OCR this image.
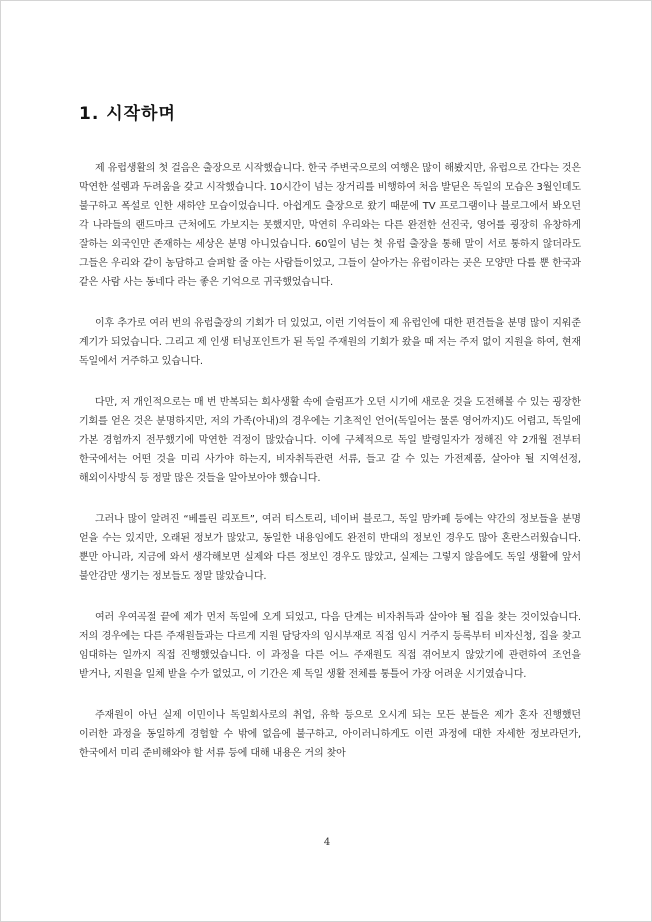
1. 시작하며

제 유럽생활의 첫 걸음은 출장으로 시작했습니다. 한국 주변국으로의 여행은 많이 해봤지만, 유럽으로 간다는 것은 막연한 설렘과 두려움을 갖고 시작했습니다. 10시간이 넘는 장거리를 비행하여 처음 발딛은 독일의 모습은 3월인데도 불구하고 폭설로 인한 새하얀 모습이었습니다. 아쉽게도 출장으로 왔기 때문에 TV 프로그램이나 블로그에서 봐오던 각 나라들의 랜드마크 근처에도 가보지는 못했지만, 막연히 우리와는 다른 완전한 선진국, 영어를 굉장히 유창하게 잘하는 외국인만 존재하는 세상은 분명 아니었습니다. 60일이 넘는 첫 유럽 출장을 통해 말이 서로 통하지 않더라도 그들은 우리와 같이 농담하고 슬퍼할 줄 아는 사람들이었고, 그들이 살아가는 유럽이라는 곳은 모양만 다를 뿐 한국과 같은 사람 사는 동네다 라는 좋은 기억으로 귀국했었습니다.

이후 추가로 여러 번의 유럽출장의 기회가 더 있었고, 이런 기억들이 제 유럽인에 대한 편견들을 분명 많이 지워준 계기가 되었습니다. 그리고 제 인생 터닝포인트가 된 독일 주재원의 기회가 왔을 때 저는 주저 없이 지원을 하여, 현재 독일에서 거주하고 있습니다.

다만, 저 개인적으로는 매 번 반복되는 회사생활 속에 슬럼프가 오던 시기에 새로운 것을 도전해볼 수 있는 굉장한 기회를 얻은 것은 분명하지만, 저의 가족(아내)의 경우에는 기초적인 언어(독일어는 물론 영어까지)도 어렵고, 독일에 가본 경험까지 전무했기에 막연한 걱정이 많았습니다. 이에 구체적으로 독일 발령일자가 정해진 약 2개월 전부터 한국에서는 어떤 것을 미리 사가야 하는지, 비자취득관련 서류, 들고 갈 수 있는 가전제품, 살아야 될 지역선정, 해외이사방식 등 정말 많은 것들을 알아보아야 했습니다.

그러나 많이 알려진 “베를린 리포트”, 여러 티스토리, 네이버 블로그, 독일 맘카페 등에는 약간의 정보들을 분명 얻을 수는 있지만, 오래된 정보가 많았고, 동일한 내용임에도 완전히 반대의 정보인 경우도 많아 혼란스러웠습니다. 뿐만 아니라, 지금에 와서 생각해보면 실제와 다른 정보인 경우도 많았고, 실제는 그렇지 않음에도 독일 생활에 앞서 불안감만 생기는 정보들도 정말 많았습니다.

여러 우여곡절 끝에 제가 먼저 독일에 오게 되었고, 다음 단계는 비자취득과 살아야 될 집을 찾는 것이었습니다. 저의 경우에는 다른 주재원들과는 다르게 지원 담당자의 임시부재로 직접 임시 거주지 등록부터 비자신청, 집을 찾고 임대하는 일까지 직접 진행했었습니다. 이 과정을 다른 어느 주재원도 직접 겪어보지 않았기에 관련하여 조언을 받거나, 지원을 일체 받을 수가 없었고, 이 기간은 제 독일 생활 전체를 통틀어 가장 어려운 시기였습니다.

주재원이 아닌 실제 이민이나 독일회사로의 취업, 유학 등으로 오시게 되는 모든 분들은 제가 혼자 진행했던 이러한 과정을 동일하게 경험할 수 밖에 없음에 불구하고, 아이러니하게도 이런 과정에 대한 자세한 정보라던가, 한국에서 미리 준비해와야 할 서류 등에 대해 내용은 거의 찾아

4
